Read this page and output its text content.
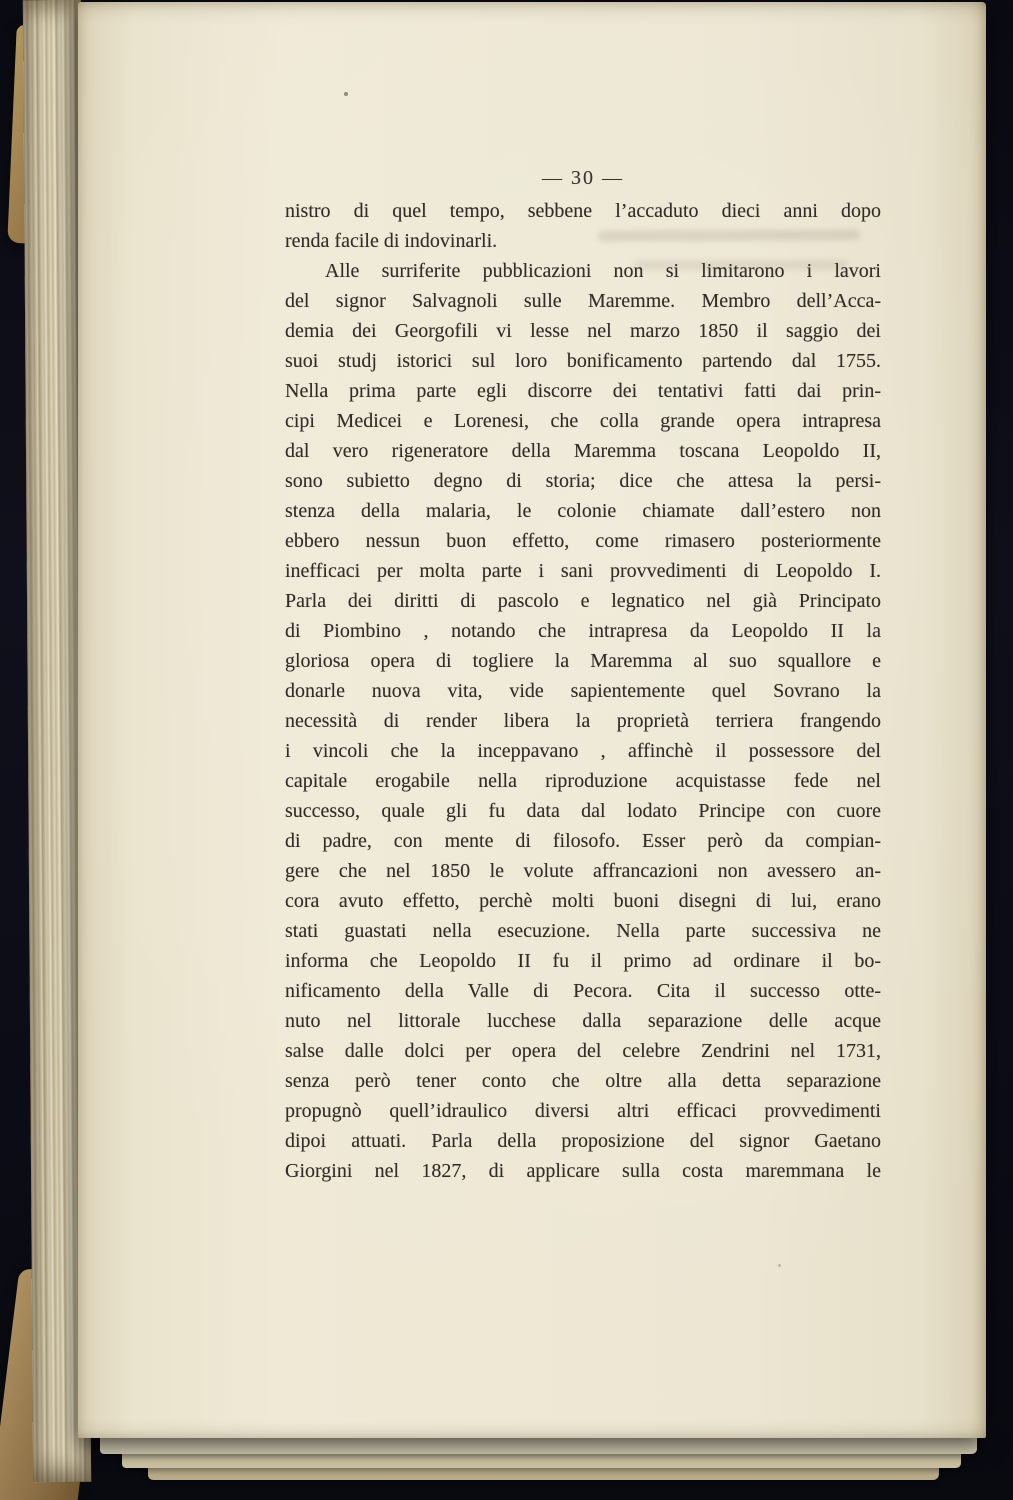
— 30 —
nistro di quel tempo, sebbene l’accaduto dieci anni dopo
renda facile di indovinarli.
Alle surriferite pubblicazioni non si limitarono i lavori
del signor Salvagnoli sulle Maremme. Membro dell’Acca-
demia dei Georgofili vi lesse nel marzo 1850 il saggio dei
suoi studj istorici sul loro bonificamento partendo dal 1755.
Nella prima parte egli discorre dei tentativi fatti dai prin-
cipi Medicei e Lorenesi, che colla grande opera intrapresa
dal vero rigeneratore della Maremma toscana Leopoldo II,
sono subietto degno di storia; dice che attesa la persi-
stenza della malaria, le colonie chiamate dall’estero non
ebbero nessun buon effetto, come rimasero posteriormente
inefficaci per molta parte i sani provvedimenti di Leopoldo I.
Parla dei diritti di pascolo e legnatico nel già Principato
di Piombino , notando che intrapresa da Leopoldo II la
gloriosa opera di togliere la Maremma al suo squallore e
donarle nuova vita, vide sapientemente quel Sovrano la
necessità di render libera la proprietà terriera frangendo
i vincoli che la inceppavano , affinchè il possessore del
capitale erogabile nella riproduzione acquistasse fede nel
successo, quale gli fu data dal lodato Principe con cuore
di padre, con mente di filosofo. Esser però da compian-
gere che nel 1850 le volute affrancazioni non avessero an-
cora avuto effetto, perchè molti buoni disegni di lui, erano
stati guastati nella esecuzione. Nella parte successiva ne
informa che Leopoldo II fu il primo ad ordinare il bo-
nificamento della Valle di Pecora. Cita il successo otte-
nuto nel littorale lucchese dalla separazione delle acque
salse dalle dolci per opera del celebre Zendrini nel 1731,
senza però tener conto che oltre alla detta separazione
propugnò quell’idraulico diversi altri efficaci provvedimenti
dipoi attuati. Parla della proposizione del signor Gaetano
Giorgini nel 1827, di applicare sulla costa maremmana le
